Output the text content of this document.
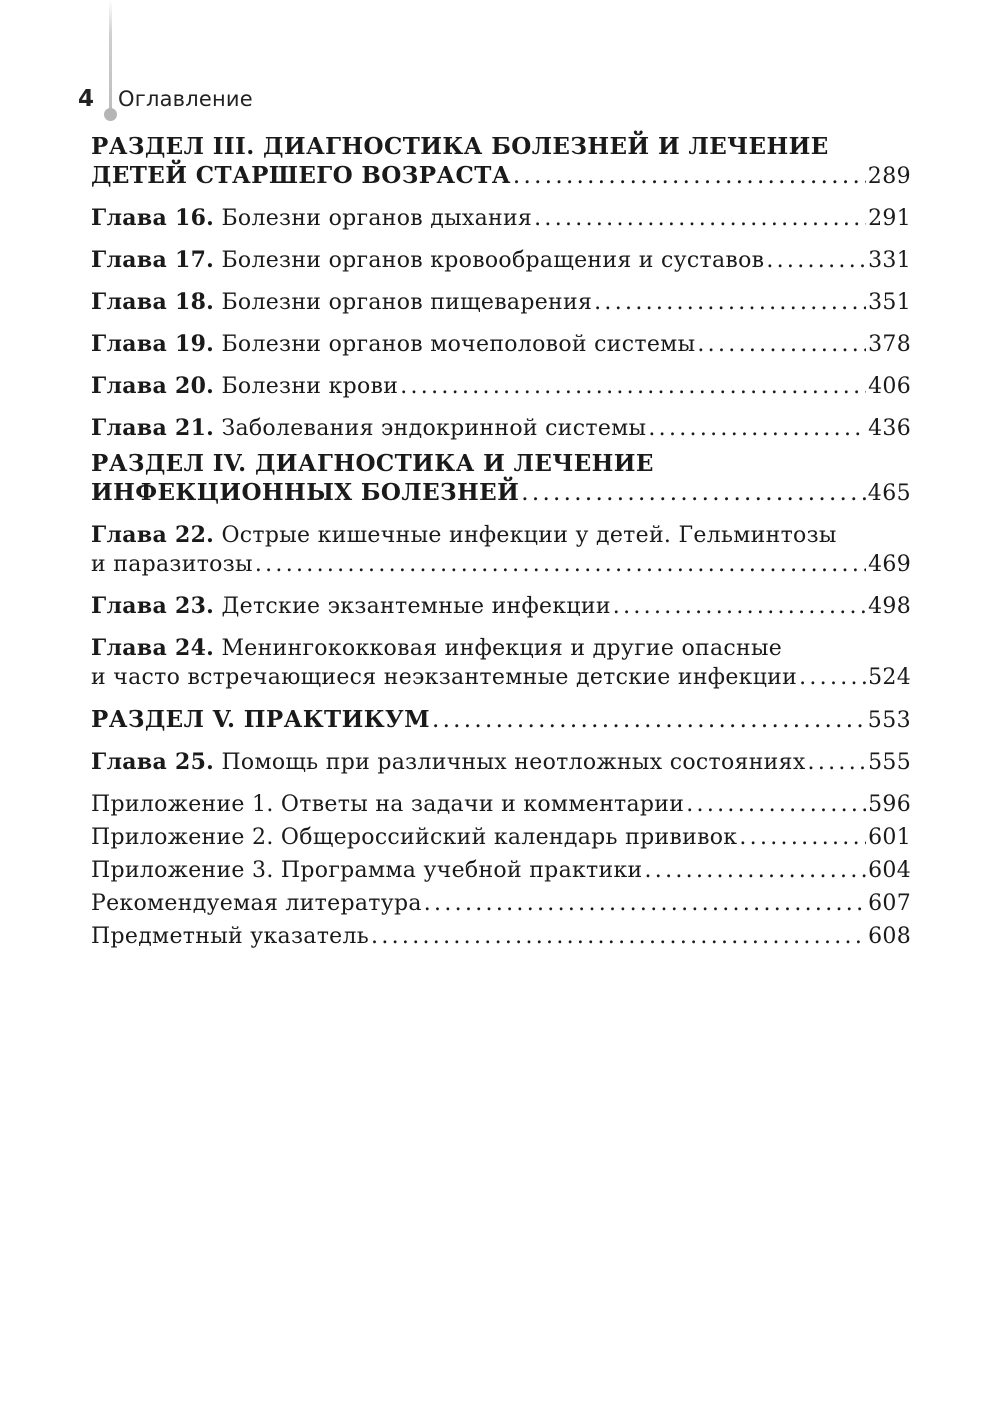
4	Оглавление
РАЗДЕЛ III. ДИАГНОСТИКА БОЛЕЗНЕЙ И ЛЕЧЕНИЕ
ДЕТЕЙ СТАРШЕГО ВОЗРАСТА .....	289
Глава 16. Болезни органов дыхания .....	291
Глава 17. Болезни органов кровообращения и суставов .....	331
Глава 18. Болезни органов пищеварения .....	351
Глава 19. Болезни органов мочеполовой системы .....	378
Глава 20. Болезни крови .....	406
Глава 21. Заболевания эндокринной системы .....	436
РАЗДЕЛ IV. ДИАГНОСТИКА И ЛЕЧЕНИЕ
ИНФЕКЦИОННЫХ БОЛЕЗНЕЙ .....	465
Глава 22. Острые кишечные инфекции у детей. Гельминтозы
и паразитозы .....	469
Глава 23. Детские экзантемные инфекции .....	498
Глава 24. Менингококковая инфекция и другие опасные
и часто встречающиеся неэкзантемные детские инфекции .....	524
РАЗДЕЛ V. ПРАКТИКУМ .....	553
Глава 25. Помощь при различных неотложных состояниях .....	555
Приложение 1. Ответы на задачи и комментарии .....	596
Приложение 2. Общероссийский календарь прививок .....	601
Приложение 3. Программа учебной практики .....	604
Рекомендуемая литература .....	607
Предметный указатель .....	608
